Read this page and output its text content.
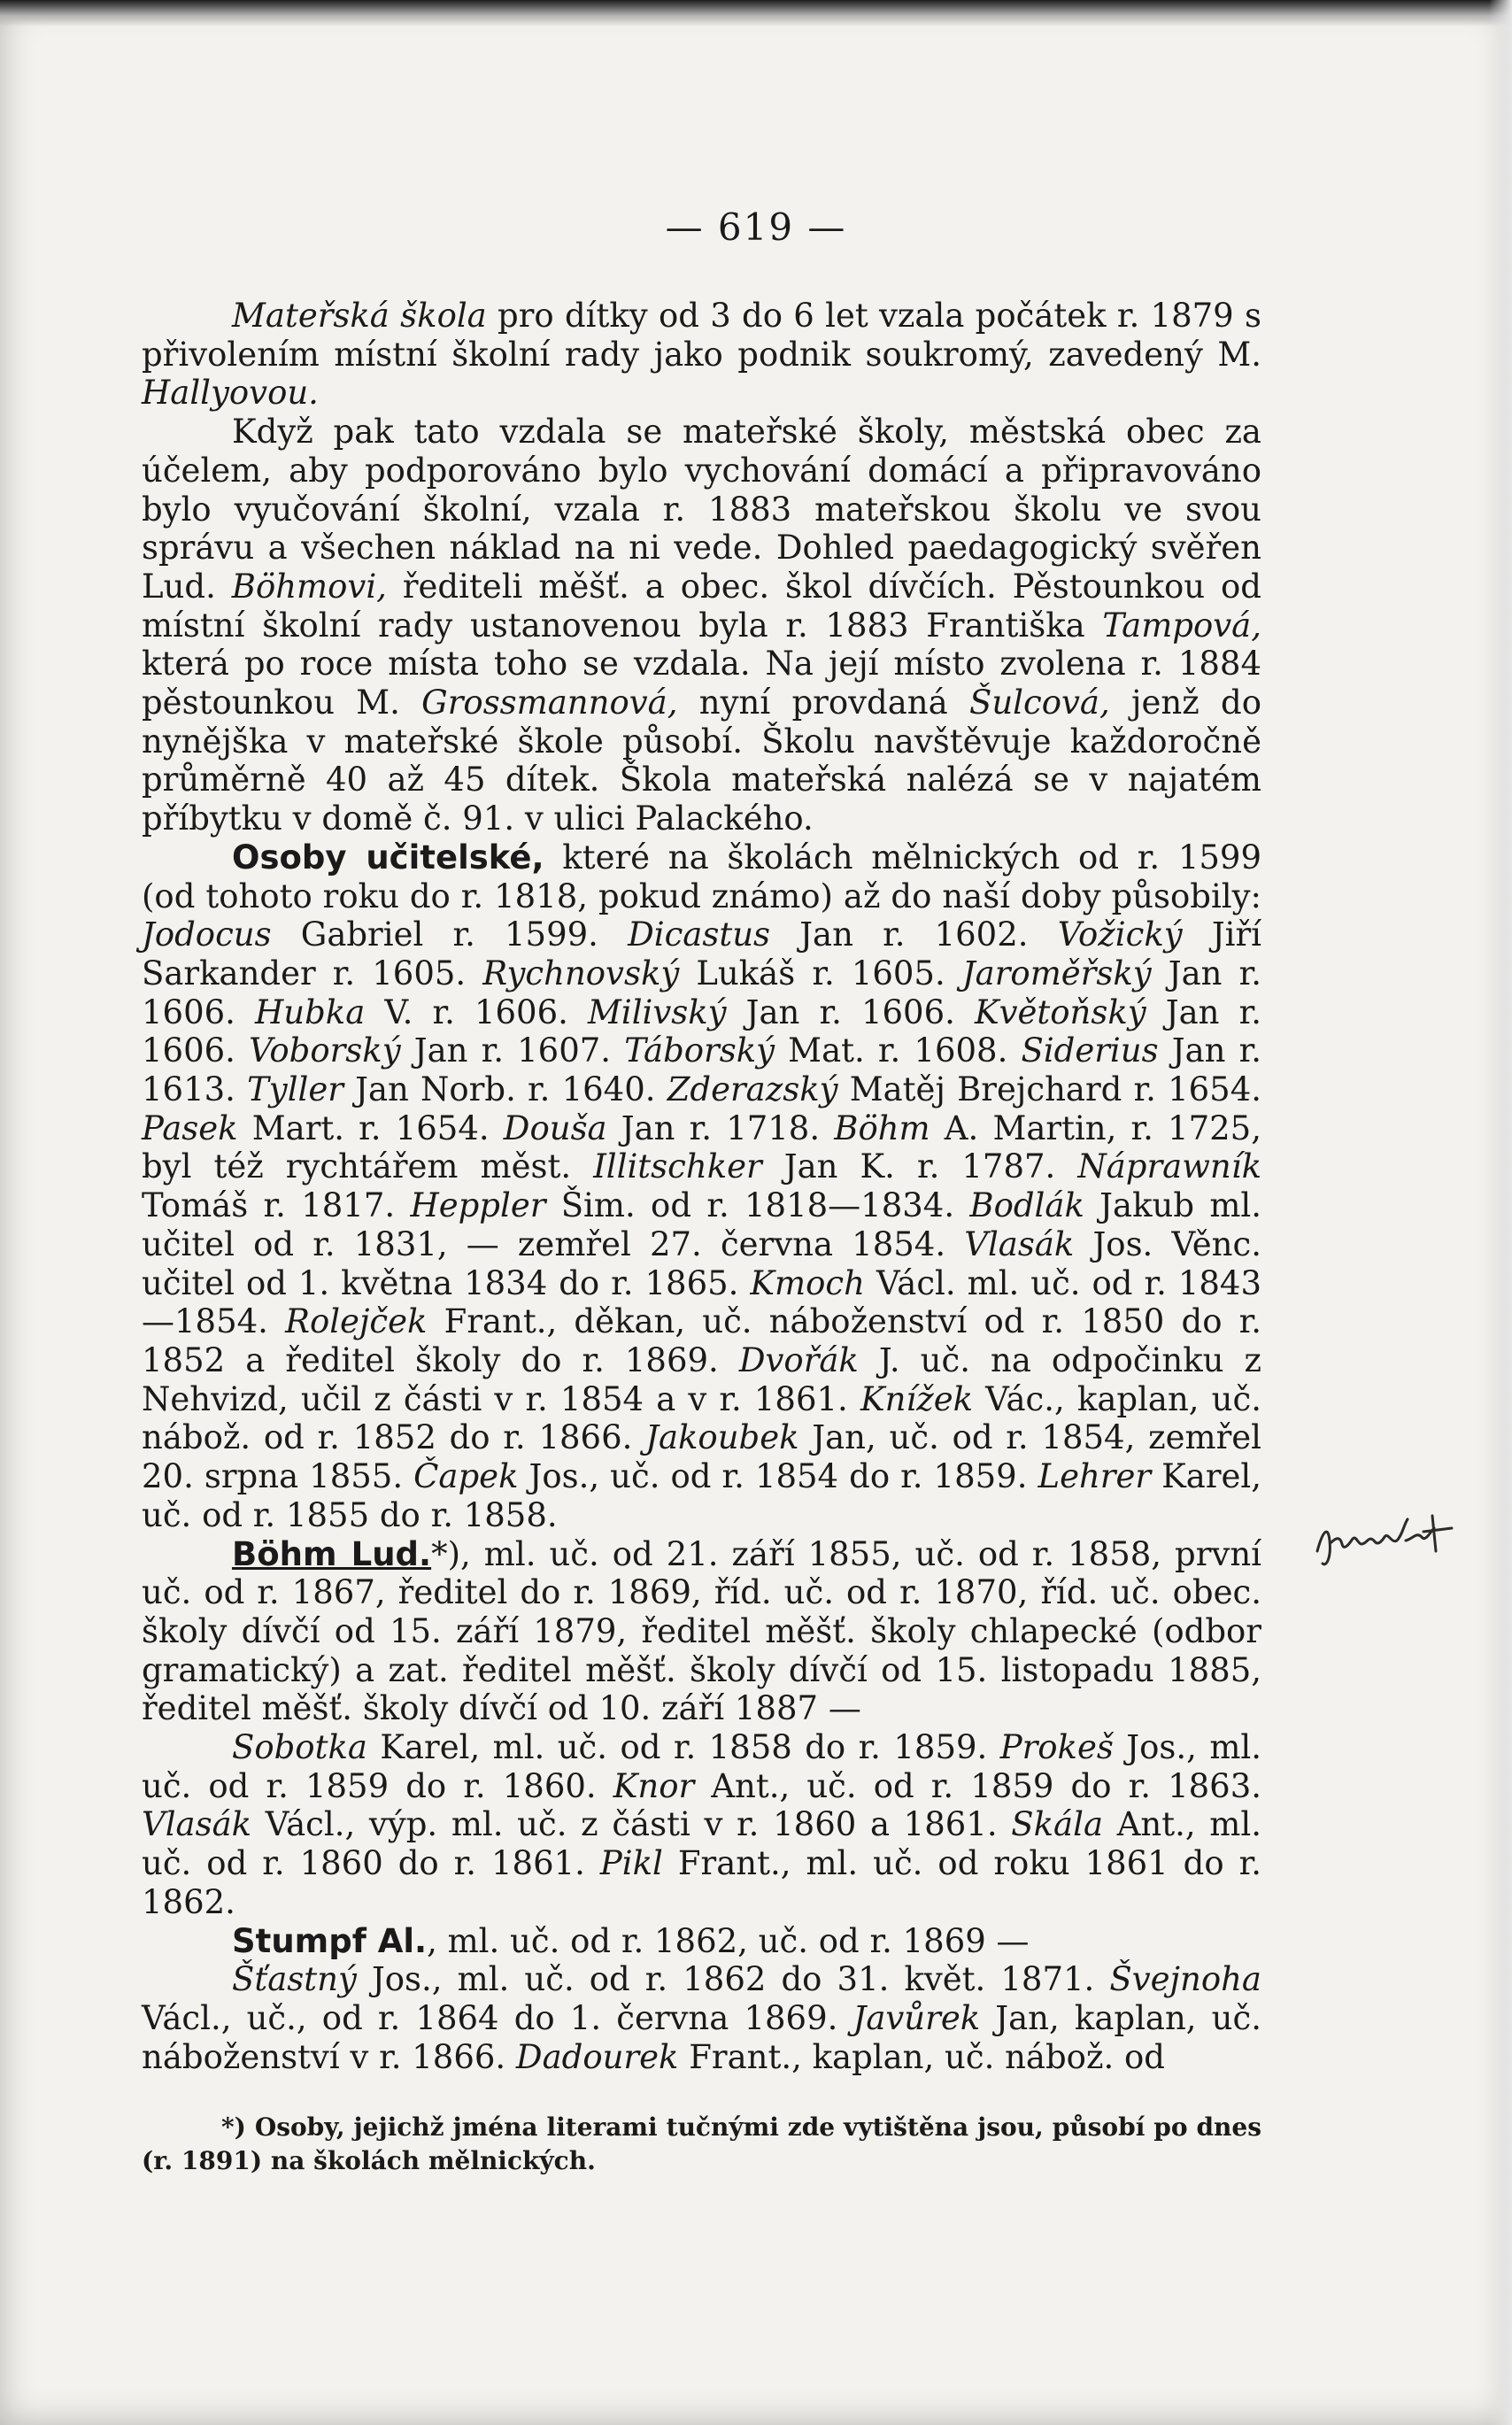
— 619 —

Mateřská škola pro dítky od 3 do 6 let vzala počátek r. 1879 s přivolením místní školní rady jako podnik soukromý, zavedený M. Hallyovou.

Když pak tato vzdala se mateřské školy, městská obec za účelem, aby podporováno bylo vychování domácí a připravováno bylo vyučování školní, vzala r. 1883 mateřskou školu ve svou správu a všechen náklad na ni vede. Dohled paedagogický svěřen Lud. Böhmovi, řediteli měšť. a obec. škol dívčích. Pěstounkou od místní školní rady ustanovenou byla r. 1883 Františka Tampová, která po roce místa toho se vzdala. Na její místo zvolena r. 1884 pěstounkou M. Grossmannová, nyní provdaná Šulcová, jenž do nynějška v mateřské škole působí. Školu navštěvuje každoročně průměrně 40 až 45 dítek. Škola mateřská nalézá se v najatém příbytku v domě č. 91. v ulici Palackého.

Osoby učitelské, které na školách mělnických od r. 1599 (od tohoto roku do r. 1818, pokud známo) až do naší doby působily: Jodocus Gabriel r. 1599. Dicastus Jan r. 1602. Vožický Jiří Sarkander r. 1605. Rychnovský Lukáš r. 1605. Jaroměřský Jan r. 1606. Hubka V. r. 1606. Milivský Jan r. 1606. Květoňský Jan r. 1606. Voborský Jan r. 1607. Táborský Mat. r. 1608. Siderius Jan r. 1613. Tyller Jan Norb. r. 1640. Zderazský Matěj Brejchard r. 1654. Pasek Mart. r. 1654. Douša Jan r. 1718. Böhm A. Martin, r. 1725, byl též rychtářem měst. Illitschker Jan K. r. 1787. Náprawník Tomáš r. 1817. Heppler Šim. od r. 1818—1834. Bodlák Jakub ml. učitel od r. 1831, — zemřel 27. června 1854. Vlasák Jos. Věnc. učitel od 1. května 1834 do r. 1865. Kmoch Václ. ml. uč. od r. 1843—1854. Rolejček Frant., děkan, uč. náboženství od r. 1850 do r. 1852 a ředitel školy do r. 1869. Dvořák J. uč. na odpočinku z Nehvizd, učil z části v r. 1854 a v r. 1861. Knížek Vác., kaplan, uč. nábož. od r. 1852 do r. 1866. Jakoubek Jan, uč. od r. 1854, zemřel 20. srpna 1855. Čapek Jos., uč. od r. 1854 do r. 1859. Lehrer Karel, uč. od r. 1855 do r. 1858.

Böhm Lud.*), ml. uč. od 21. září 1855, uč. od r. 1858, první uč. od r. 1867, ředitel do r. 1869, říd. uč. od r. 1870, říd. uč. obec. školy dívčí od 15. září 1879, ředitel měšť. školy chlapecké (odbor gramatický) a zat. ředitel měšť. školy dívčí od 15. listopadu 1885, ředitel měšť. školy dívčí od 10. září 1887 —

Sobotka Karel, ml. uč. od r. 1858 do r. 1859. Prokeš Jos., ml. uč. od r. 1859 do r. 1860. Knor Ant., uč. od r. 1859 do r. 1863. Vlasák Václ., výp. ml. uč. z části v r. 1860 a 1861. Skála Ant., ml. uč. od r. 1860 do r. 1861. Pikl Frant., ml. uč. od roku 1861 do r. 1862.

Stumpf Al., ml. uč. od r. 1862, uč. od r. 1869 —

Šťastný Jos., ml. uč. od r. 1862 do 31. květ. 1871. Švejnoha Václ., uč., od r. 1864 do 1. června 1869. Javůrek Jan, kaplan, uč. náboženství v r. 1866. Dadourek Frant., kaplan, uč. nábož. od

*) Osoby, jejichž jména literami tučnými zde vytištěna jsou, působí po dnes (r. 1891) na školách mělnických.
